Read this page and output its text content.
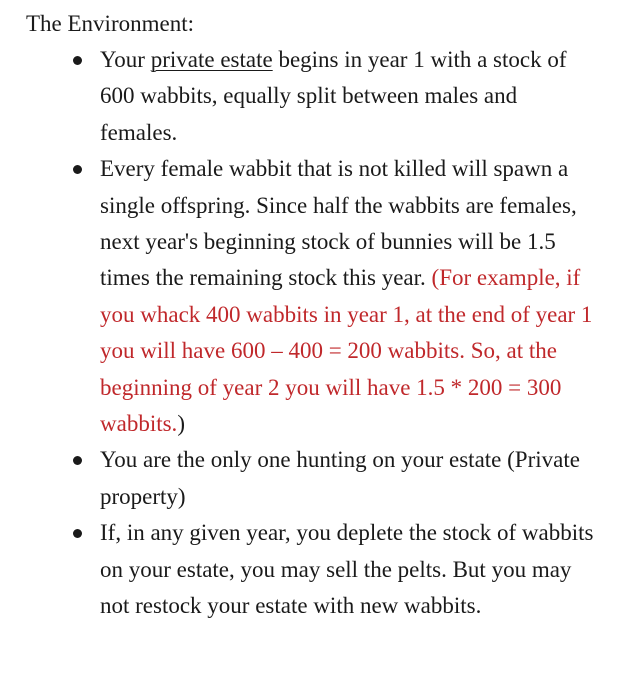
The Environment:

Your private estate begins in year 1 with a stock of 600 wabbits, equally split between males and females.
Every female wabbit that is not killed will spawn a single offspring. Since half the wabbits are females, next year's beginning stock of bunnies will be 1.5 times the remaining stock this year. (For example, if you whack 400 wabbits in year 1, at the end of year 1 you will have 600 – 400 = 200 wabbits. So, at the beginning of year 2 you will have 1.5 * 200 = 300 wabbits.)
You are the only one hunting on your estate (Private property)
If, in any given year, you deplete the stock of wabbits on your estate, you may sell the pelts. But you may not restock your estate with new wabbits.
